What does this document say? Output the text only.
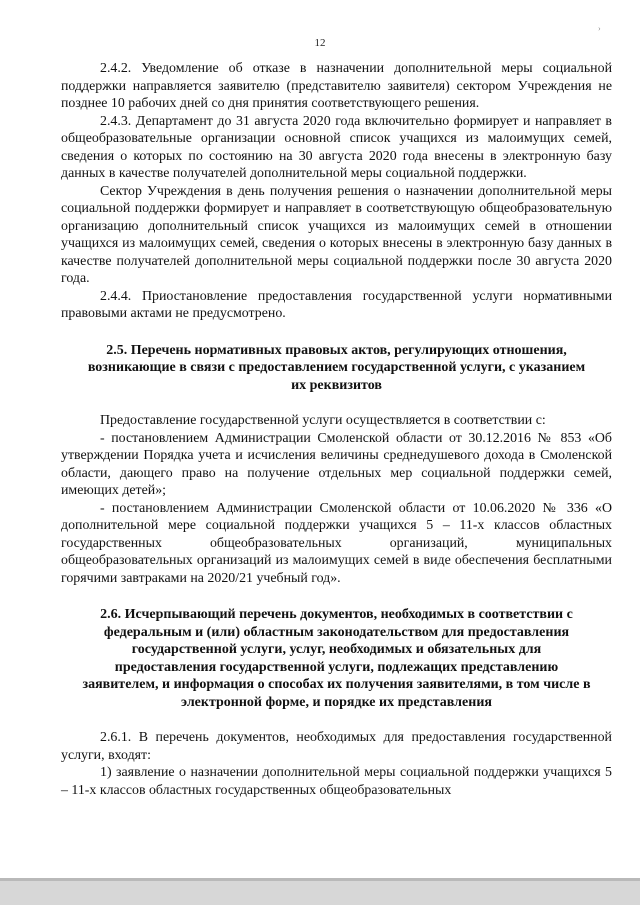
›
12

2.4.2. Уведомление об отказе в назначении дополнительной меры социальной поддержки направляется заявителю (представителю заявителя) сектором Учреждения не позднее 10 рабочих дней со дня принятия соответствующего решения.

2.4.3. Департамент до 31 августа 2020 года включительно формирует и направляет в общеобразовательные организации основной список учащихся из малоимущих семей, сведения о которых по состоянию на 30 августа 2020 года внесены в электронную базу данных в качестве получателей дополнительной меры социальной поддержки.

Сектор Учреждения в день получения решения о назначении дополнительной меры социальной поддержки формирует и направляет в соответствующую общеобразовательную организацию дополнительный список учащихся из малоимущих семей в отношении учащихся из малоимущих семей, сведения о которых внесены в электронную базу данных в качестве получателей дополнительной меры социальной поддержки после 30 августа 2020 года.

2.4.4. Приостановление предоставления государственной услуги нормативными правовыми актами не предусмотрено.

2.5. Перечень нормативных правовых актов, регулирующих отношения, возникающие в связи с предоставлением государственной услуги, с указанием их реквизитов

Предоставление государственной услуги осуществляется в соответствии с:

- постановлением Администрации Смоленской области от 30.12.2016 № 853 «Об утверждении Порядка учета и исчисления величины среднедушевого дохода в Смоленской области, дающего право на получение отдельных мер социальной поддержки семей, имеющих детей»;

- постановлением Администрации Смоленской области от 10.06.2020 № 336 «О дополнительной мере социальной поддержки учащихся 5 – 11-х классов областных государственных общеобразовательных организаций, муниципальных общеобразовательных организаций из малоимущих семей в виде обеспечения бесплатными горячими завтраками на 2020/21 учебный год».

2.6. Исчерпывающий перечень документов, необходимых в соответствии с федеральным и (или) областным законодательством для предоставления государственной услуги, услуг, необходимых и обязательных для предоставления государственной услуги, подлежащих представлению заявителем, и информация о способах их получения заявителями, в том числе в электронной форме, и порядке их представления

2.6.1. В перечень документов, необходимых для предоставления государственной услуги, входят:

1) заявление о назначении дополнительной меры социальной поддержки учащихся 5 – 11-х классов областных государственных общеобразовательных
